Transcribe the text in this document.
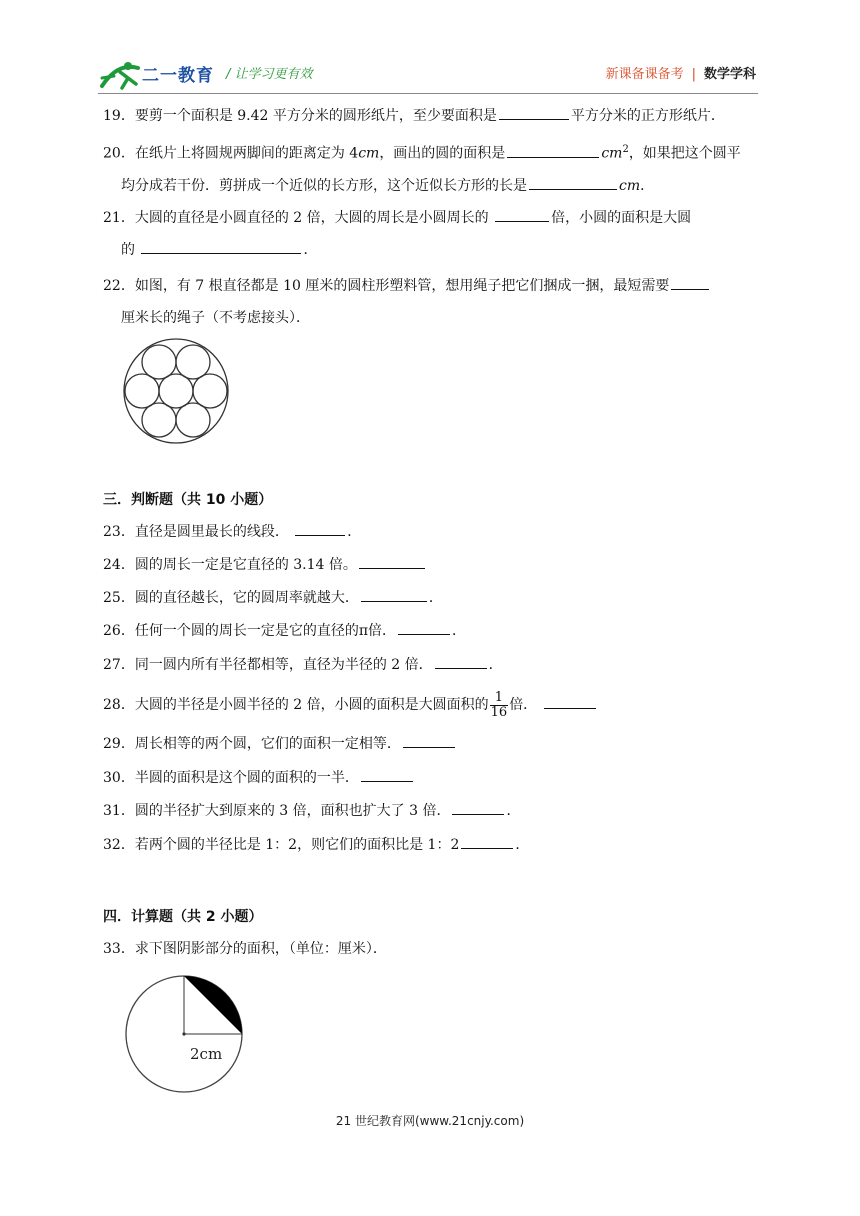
二一教育 / 让学习更有效	新课备课备考 | 数学学科
19．要剪一个面积是 9.42 平方分米的圆形纸片，至少要面积是	平方分米的正方形纸片．
20．在纸片上将圆规两脚间的距离定为 4cm，画出的圆的面积是	$cm^2$，如果把这个圆平
均分成若干份．剪拼成一个近似的长方形，这个近似长方形的长是	cm．
21．大圆的直径是小圆直径的 2 倍，大圆的周长是小圆周长的	倍，小圆的面积是大圆
的	．
22．如图，有 7 根直径都是 10 厘米的圆柱形塑料管，想用绳子把它们捆成一捆，最短需要
厘米长的绳子（不考虑接头）．
三．判断题（共 10 小题）
23．直径是圆里最长的线段．	．
24．圆的周长一定是它直径的 3.14 倍。
25．圆的直径越长，它的圆周率就越大．	．
26．任何一个圆的周长一定是它的直径的π倍．	．
27．同一圆内所有半径都相等，直径为半径的 2 倍．	．
28．大圆的半径是小圆半径的 2 倍，小圆的面积是大圆面积的 $\frac{1}{16}$ 倍．
29．周长相等的两个圆，它们的面积一定相等．
30．半圆的面积是这个圆的面积的一半．
31．圆的半径扩大到原来的 3 倍，面积也扩大了 3 倍．	．
32．若两个圆的半径比是 1：2，则它们的面积比是 1：2	．
四．计算题（共 2 小题）
33．求下图阴影部分的面积，（单位：厘米）．
2cm
21 世纪教育网(www.21cnjy.com)
